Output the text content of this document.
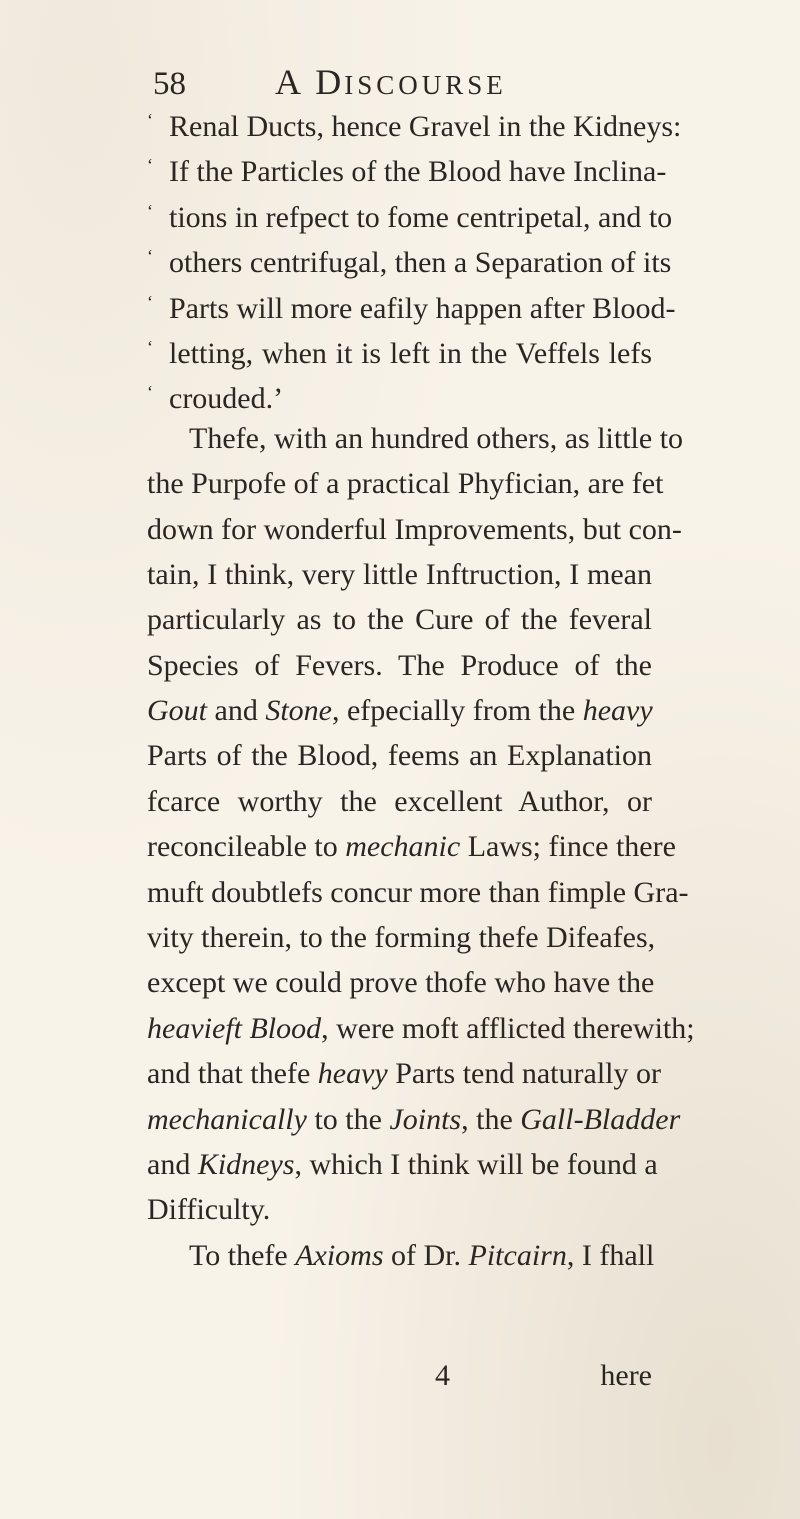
58 A DISCOURSE
‘ Renal Ducts, hence Gravel in the Kidneys:
‘ If the Particles of the Blood have Inclina-
‘ tions in refpect to fome centripetal, and to
‘ others centrifugal, then a Separation of its
‘ Parts will more eafily happen after Blood-
‘ letting, when it is left in the Veffels lefs
‘ crouded.’
Thefe, with an hundred others, as little to
the Purpofe of a practical Phyfician, are fet
down for wonderful Improvements, but con-
tain, I think, very little Inftruction, I mean
particularly as to the Cure of the feveral
Species of Fevers. The Produce of the
Gout and Stone, efpecially from the heavy
Parts of the Blood, feems an Explanation
fcarce worthy the excellent Author, or
reconcileable to mechanic Laws; fince there
muft doubtlefs concur more than fimple Gra-
vity therein, to the forming thefe Difeafes,
except we could prove thofe who have the
heavieft Blood, were moft afflicted therewith;
and that thefe heavy Parts tend naturally or
mechanically to the Joints, the Gall-Bladder
and Kidneys, which I think will be found a
Difficulty.
To thefe Axioms of Dr. Pitcairn, I fhall
4	here
